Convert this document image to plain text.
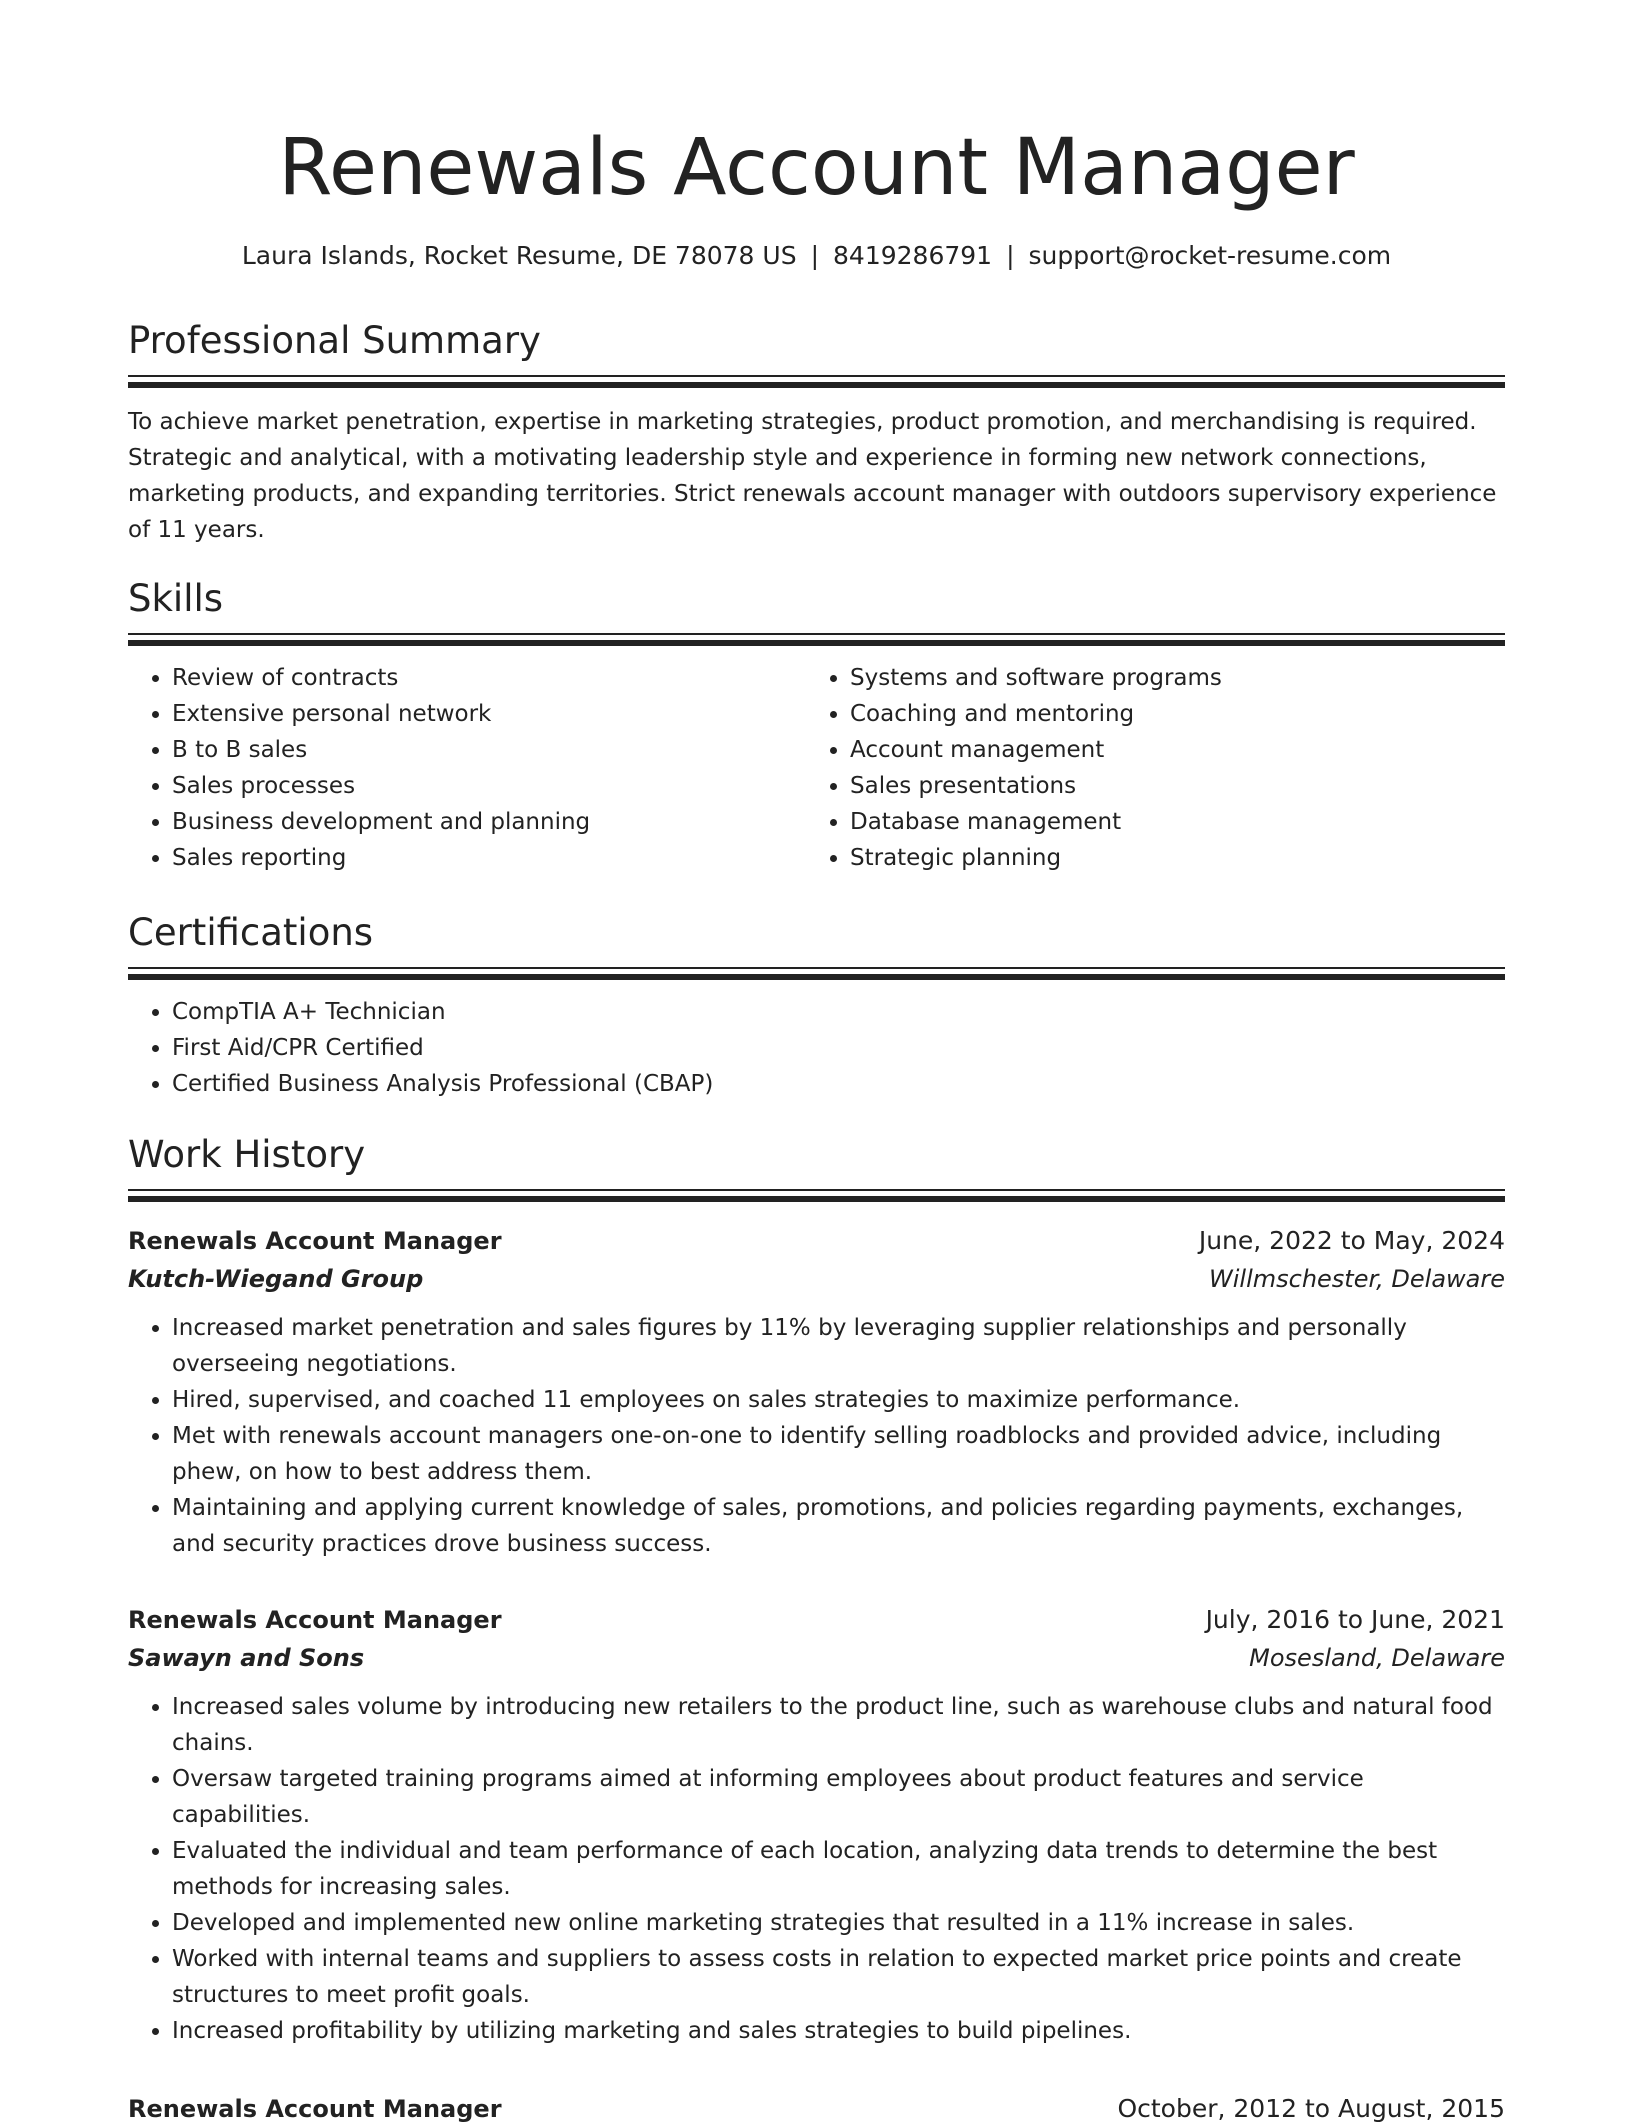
Renewals Account Manager
Laura Islands, Rocket Resume, DE 78078 US | 8419286791 | support@rocket-resume.com
Professional Summary

To achieve market penetration, expertise in marketing strategies, product promotion, and merchandising is required. Strategic and analytical, with a motivating leadership style and experience in forming new network connections, marketing products, and expanding territories. Strict renewals account manager with outdoors supervisory experience of 11 years.

Skills
• Review of contracts
• Extensive personal network
• B to B sales
• Sales processes
• Business development and planning
• Sales reporting
• Systems and software programs
• Coaching and mentoring
• Account management
• Sales presentations
• Database management
• Strategic planning
Certifications
• CompTIA A+ Technician
• First Aid/CPR Certified
• Certified Business Analysis Professional (CBAP)
Work History
Renewals Account Manager	June, 2022 to May, 2024
Kutch-Wiegand Group	Willmschester, Delaware
• Increased market penetration and sales figures by 11% by leveraging supplier relationships and personally overseeing negotiations.
• Hired, supervised, and coached 11 employees on sales strategies to maximize performance.
• Met with renewals account managers one-on-one to identify selling roadblocks and provided advice, including phew, on how to best address them.
• Maintaining and applying current knowledge of sales, promotions, and policies regarding payments, exchanges, and security practices drove business success.
Renewals Account Manager	July, 2016 to June, 2021
Sawayn and Sons	Mosesland, Delaware
• Increased sales volume by introducing new retailers to the product line, such as warehouse clubs and natural food chains.
• Oversaw targeted training programs aimed at informing employees about product features and service capabilities.
• Evaluated the individual and team performance of each location, analyzing data trends to determine the best methods for increasing sales.
• Developed and implemented new online marketing strategies that resulted in a 11% increase in sales.
• Worked with internal teams and suppliers to assess costs in relation to expected market price points and create structures to meet profit goals.
• Increased profitability by utilizing marketing and sales strategies to build pipelines.
Renewals Account Manager	October, 2012 to August, 2015
